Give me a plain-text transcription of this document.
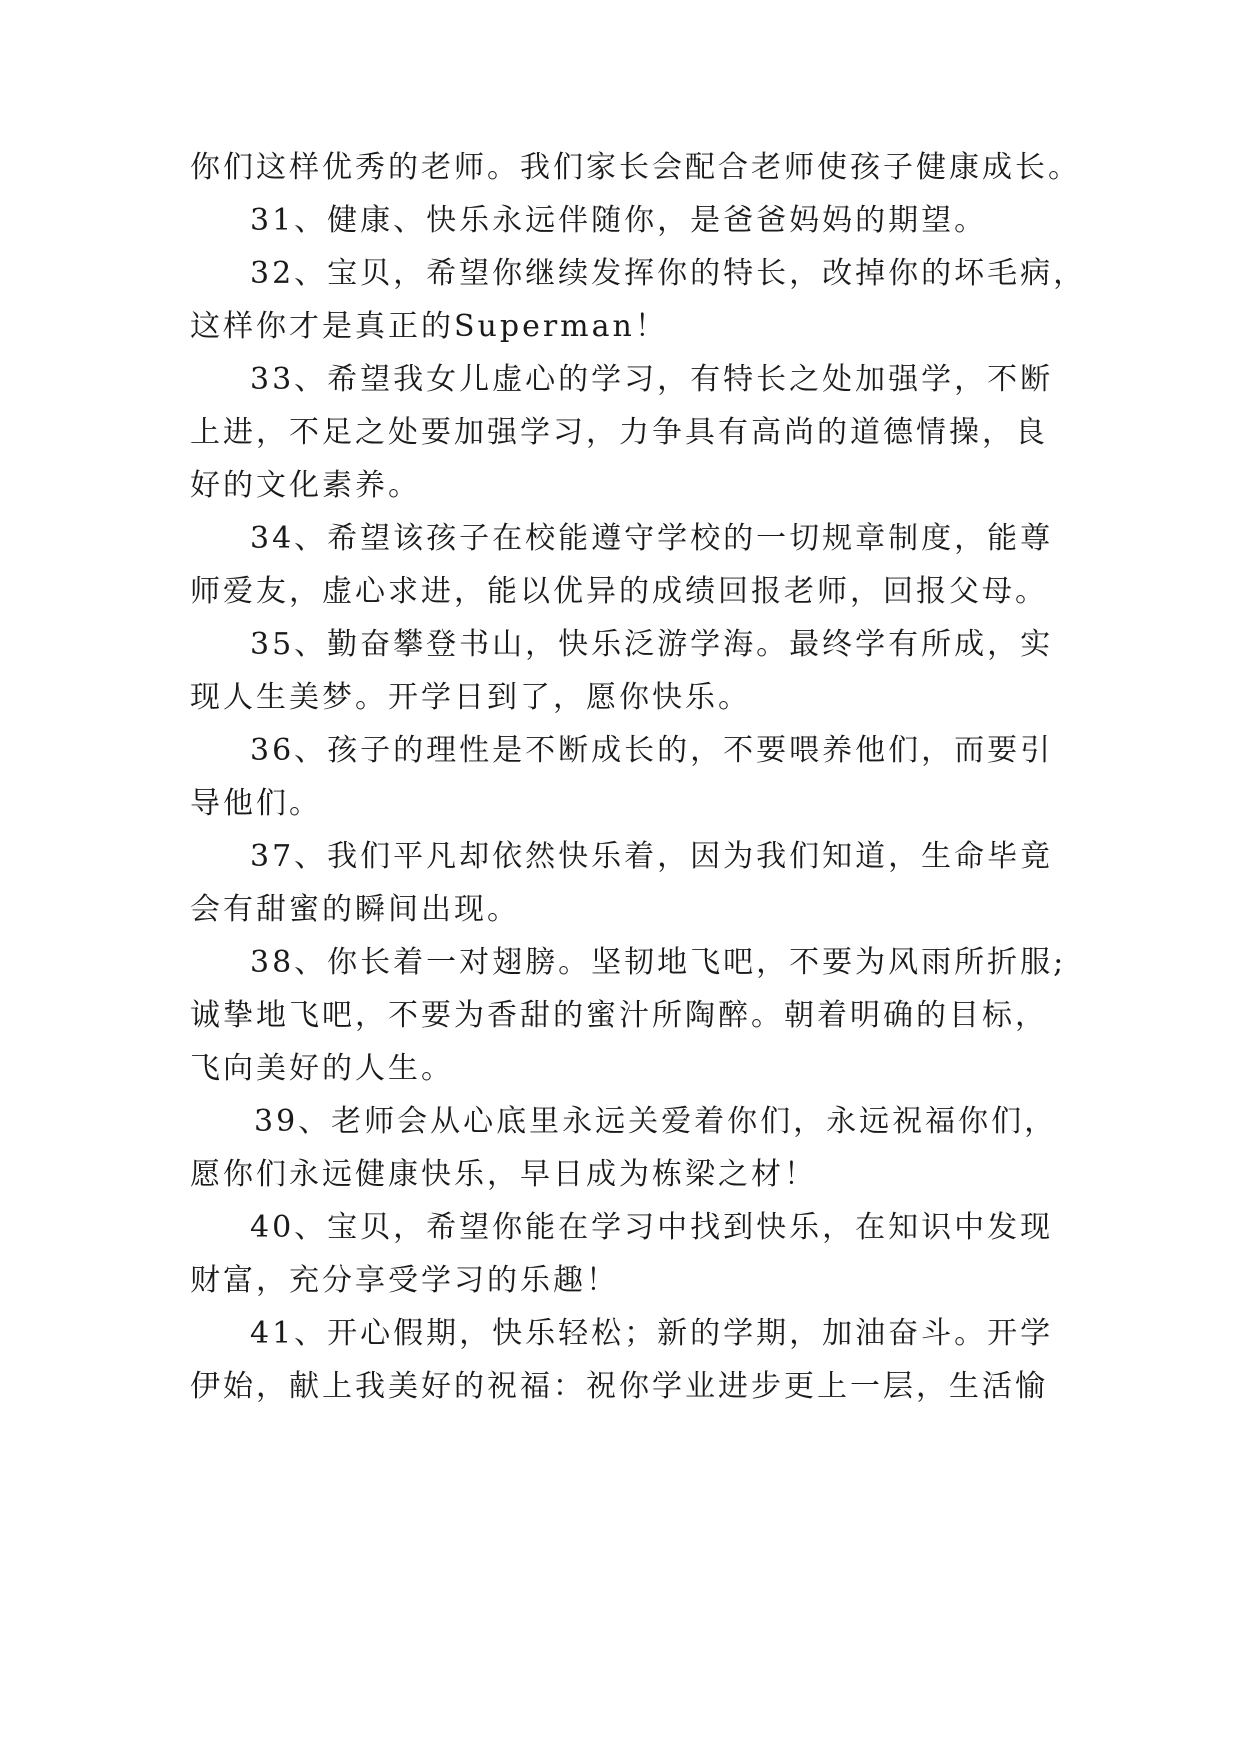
你们这样优秀的老师。我们家长会配合老师使孩子健康成长。
31、健康、快乐永远伴随你，是爸爸妈妈的期望。
32、宝贝，希望你继续发挥你的特长，改掉你的坏毛病，
这样你才是真正的Superman！
33、希望我女儿虚心的学习，有特长之处加强学，不断
上进，不足之处要加强学习，力争具有高尚的道德情操，良
好的文化素养。
34、希望该孩子在校能遵守学校的一切规章制度，能尊
师爱友，虚心求进，能以优异的成绩回报老师，回报父母。
35、勤奋攀登书山，快乐泛游学海。最终学有所成，实
现人生美梦。开学日到了，愿你快乐。
36、孩子的理性是不断成长的，不要喂养他们，而要引
导他们。
37、我们平凡却依然快乐着，因为我们知道，生命毕竟
会有甜蜜的瞬间出现。
38、你长着一对翅膀。坚韧地飞吧，不要为风雨所折服;
诚挚地飞吧，不要为香甜的蜜汁所陶醉。朝着明确的目标，
飞向美好的人生。
39、老师会从心底里永远关爱着你们，永远祝福你们，
愿你们永远健康快乐，早日成为栋梁之材！
40、宝贝，希望你能在学习中找到快乐，在知识中发现
财富，充分享受学习的乐趣！
41、开心假期，快乐轻松；新的学期，加油奋斗。开学
伊始，献上我美好的祝福：祝你学业进步更上一层，生活愉
